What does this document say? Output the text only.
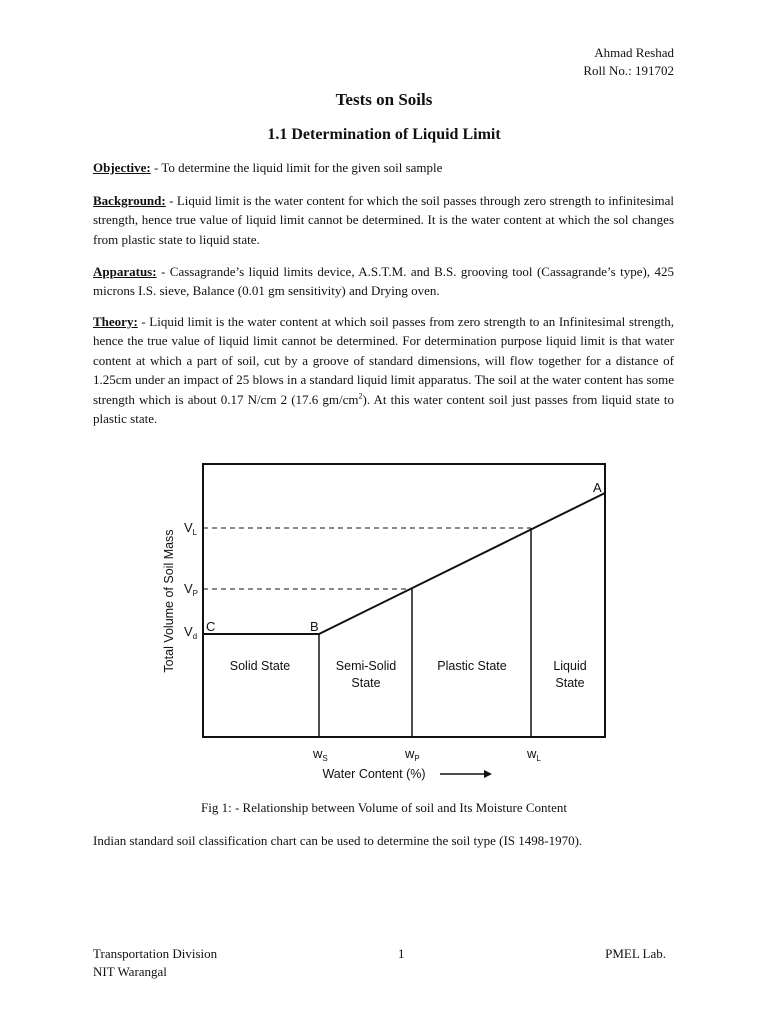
Ahmad Reshad
Roll No.: 191702
Tests on Soils
1.1 Determination of Liquid Limit
Objective: - To determine the liquid limit for the given soil sample
Background: - Liquid limit is the water content for which the soil passes through zero strength to infinitesimal strength, hence true value of liquid limit cannot be determined. It is the water content at which the sol changes from plastic state to liquid state.
Apparatus: - Cassagrande’s liquid limits device, A.S.T.M. and B.S. grooving tool (Cassagrande’s type), 425 microns I.S. sieve, Balance (0.01 gm sensitivity) and Drying oven.
Theory: - Liquid limit is the water content at which soil passes from zero strength to an Infinitesimal strength, hence the true value of liquid limit cannot be determined. For determination purpose liquid limit is that water content at which a part of soil, cut by a groove of standard dimensions, will flow together for a distance of 1.25cm under an impact of 25 blows in a standard liquid limit apparatus. The soil at the water content has some strength which is about 0.17 N/cm 2 (17.6 $gm/cm^2$). At this water content soil just passes from liquid state to plastic state.
A
B
C
$V_L$
$V_P$
$V_d$
$w_S$	$w_P$	$w_L$
Solid State	Semi-Solid
State
Plastic State	Liquid
State
Total Volume of Soil Mass
Water Content (%)
Fig 1: - Relationship between Volume of soil and Its Moisture Content
Indian standard soil classification chart can be used to determine the soil type (IS 1498-1970).
Transportation Division
NIT Warangal
1	PMEL Lab.
